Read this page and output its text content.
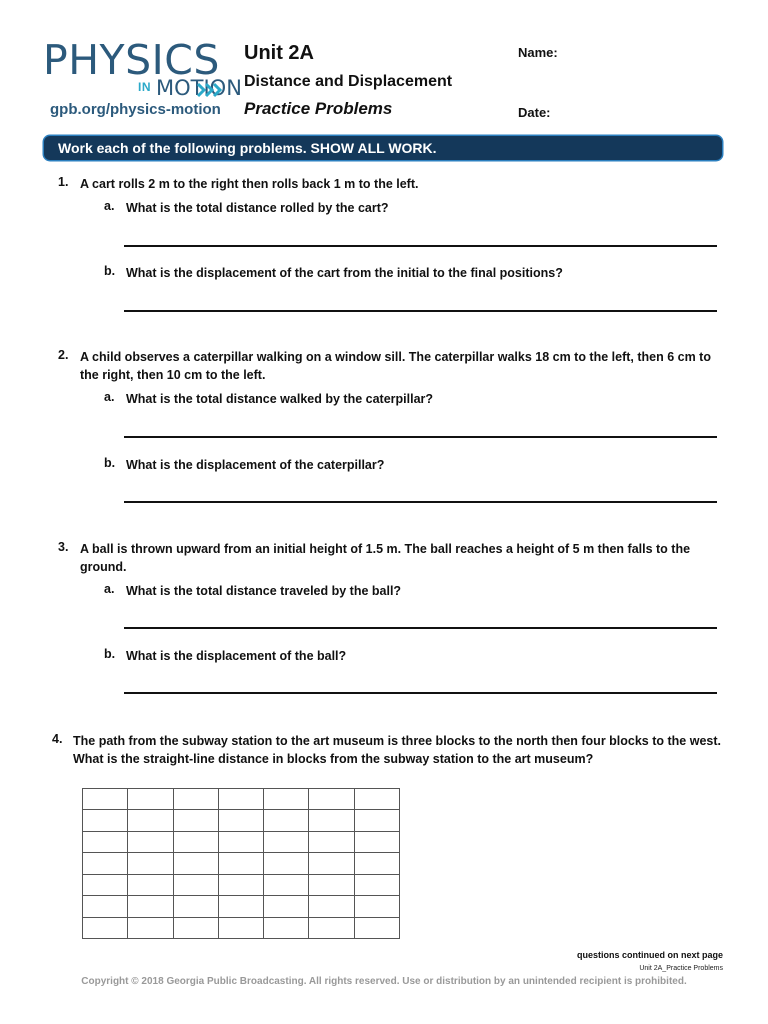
PHYSICS
IN MOTION
gpb.org/physics-motion
Unit 2A
Distance and Displacement
Practice Problems
Name:
Date:
Work each of the following problems. SHOW ALL WORK.
1. A cart rolls 2 m to the right then rolls back 1 m to the left.
a. What is the total distance rolled by the cart?
b. What is the displacement of the cart from the initial to the final positions?
2. A child observes a caterpillar walking on a window sill. The caterpillar walks 18 cm to the left, then 6 cm to the right, then 10 cm to the left.
a. What is the total distance walked by the caterpillar?
b. What is the displacement of the caterpillar?
3. A ball is thrown upward from an initial height of 1.5 m. The ball reaches a height of 5 m then falls to the ground.
a. What is the total distance traveled by the ball?
b. What is the displacement of the ball?
4. The path from the subway station to the art museum is three blocks to the north then four blocks to the west. What is the straight-line distance in blocks from the subway station to the art museum?

questions continued on next page
Unit 2A_Practice Problems
Copyright © 2018 Georgia Public Broadcasting. All rights reserved. Use or distribution by an unintended recipient is prohibited.
